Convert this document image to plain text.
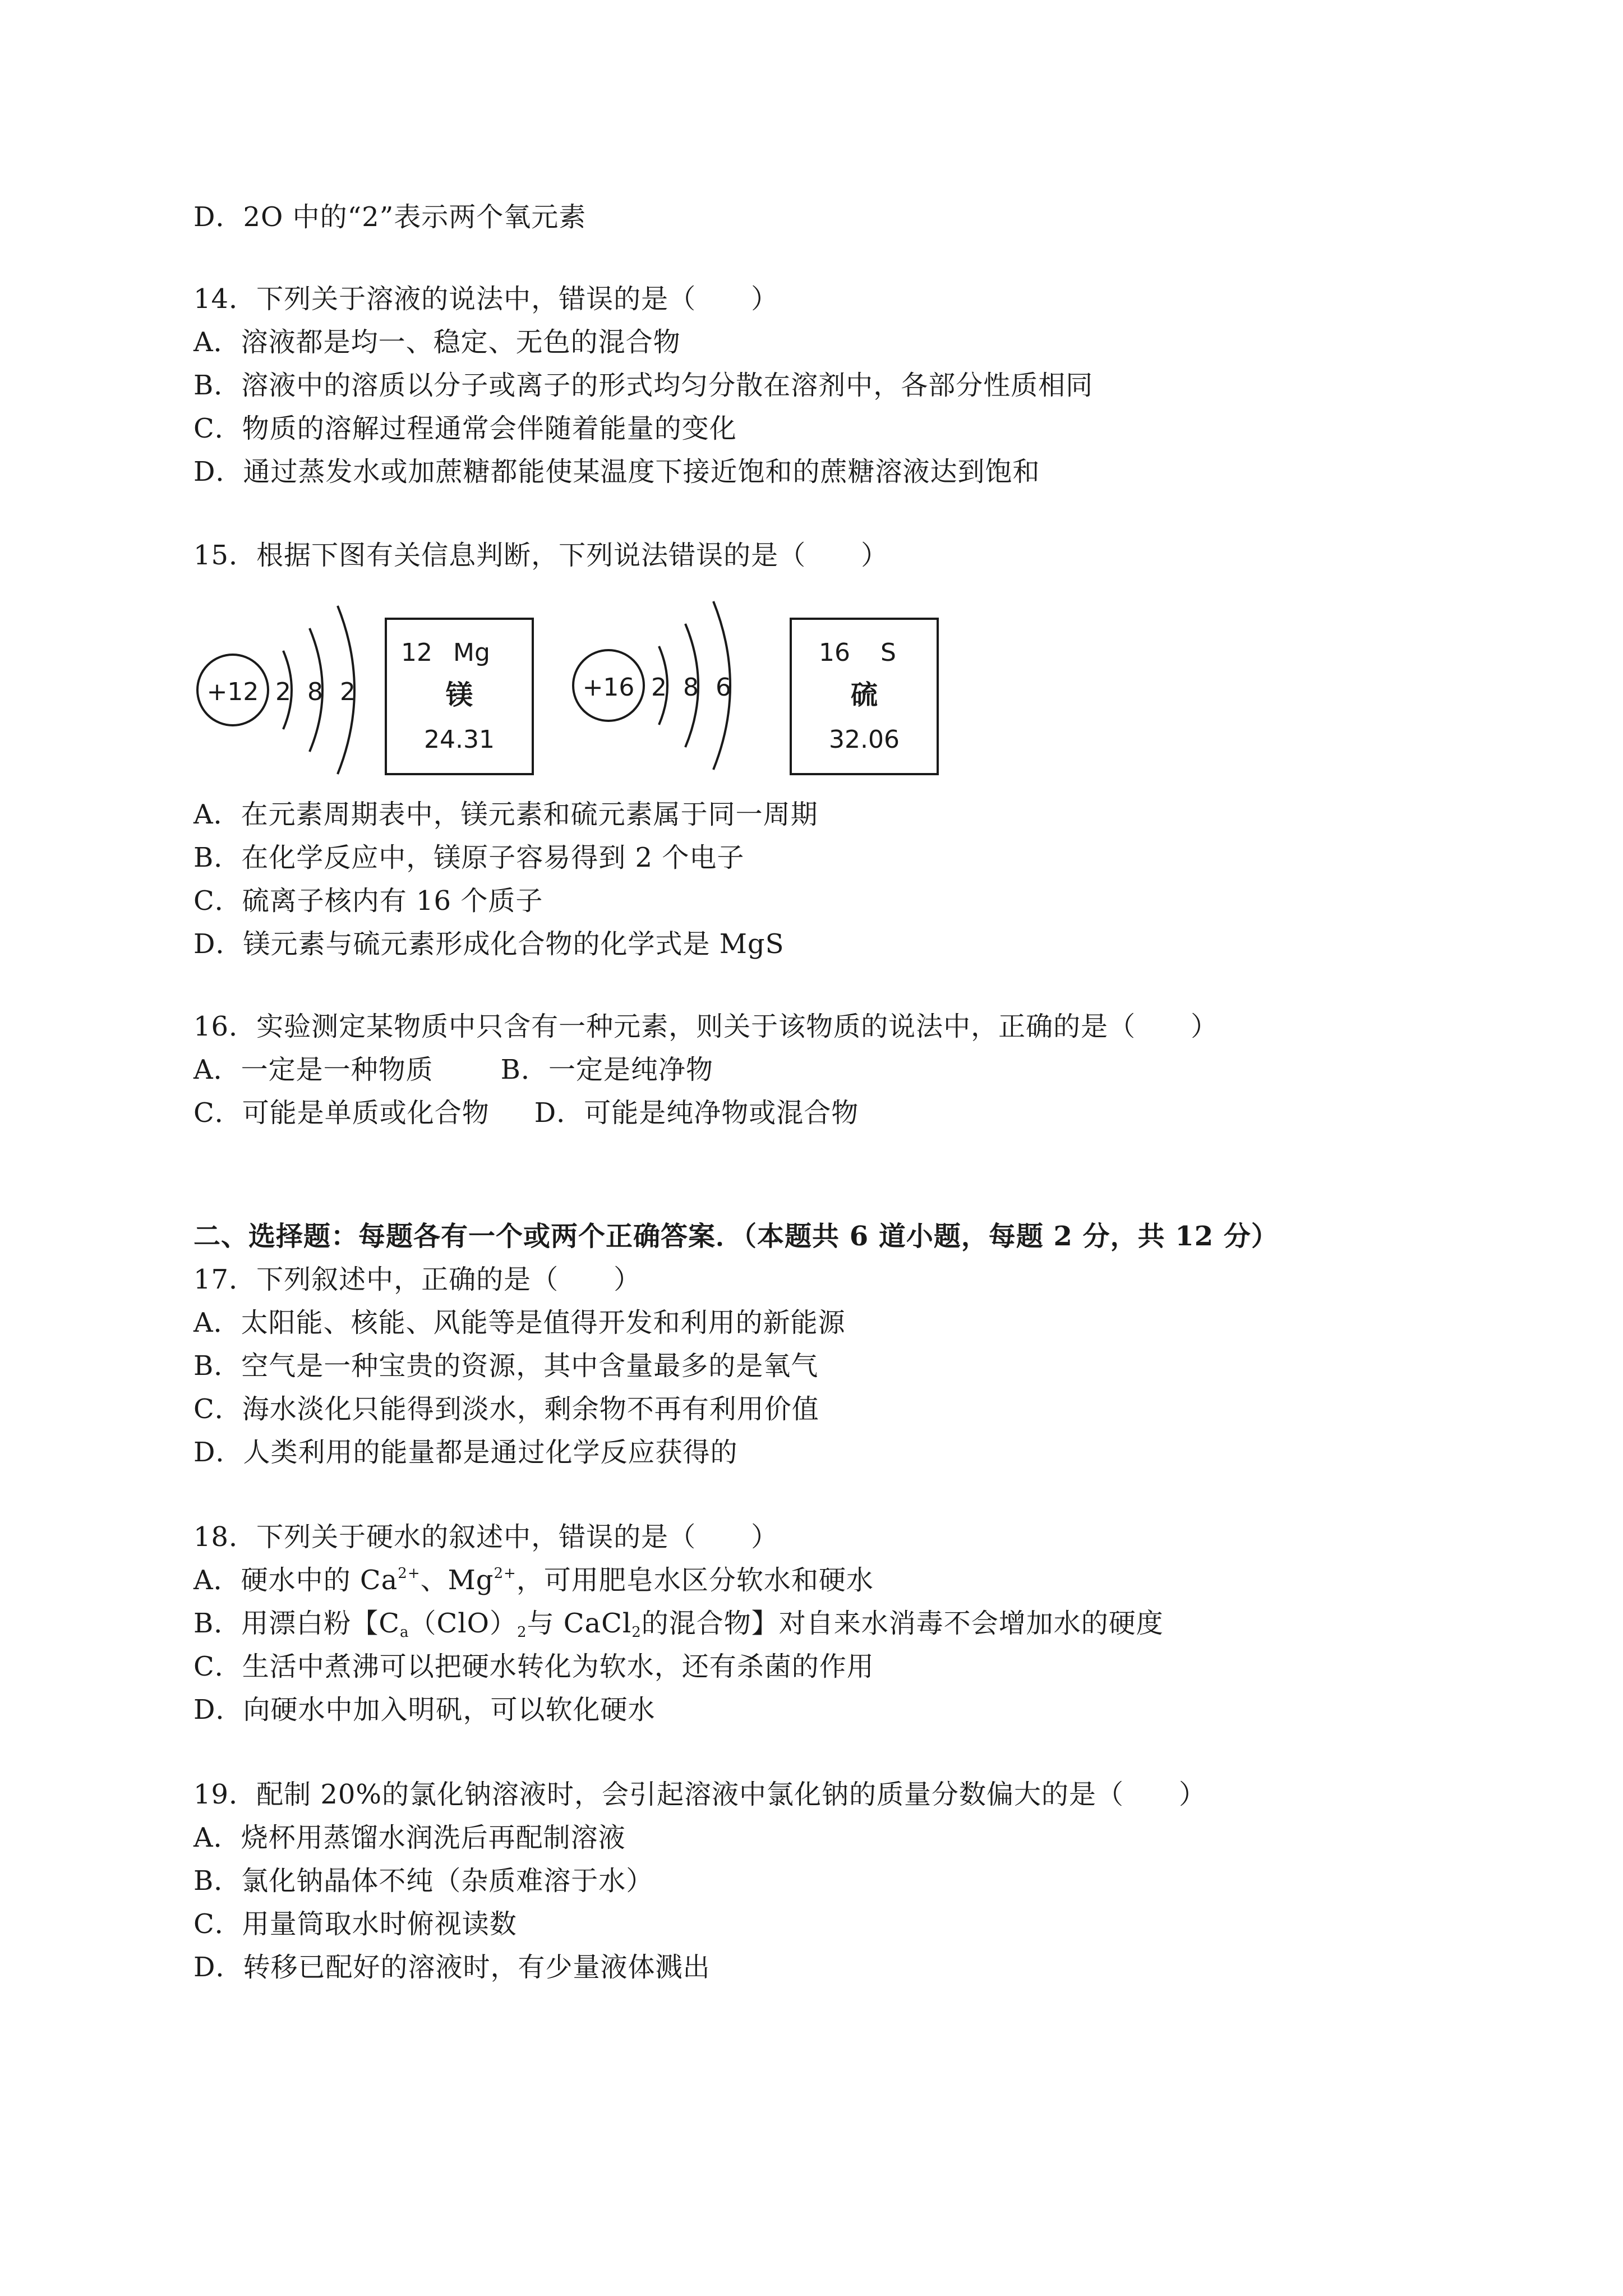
D．2O 中的“2”表示两个氧元素
14．下列关于溶液的说法中，错误的是（　　）
A．溶液都是均一、稳定、无色的混合物
B．溶液中的溶质以分子或离子的形式均匀分散在溶剂中，各部分性质相同
C．物质的溶解过程通常会伴随着能量的变化
D．通过蒸发水或加蔗糖都能使某温度下接近饱和的蔗糖溶液达到饱和
15．根据下图有关信息判断，下列说法错误的是（　　）
+12 2 8 2
12 Mg
镁
24.31
+16 2 8 6
16 S
硫
32.06
A．在元素周期表中，镁元素和硫元素属于同一周期
B．在化学反应中，镁原子容易得到 2 个电子
C．硫离子核内有 16 个质子
D．镁元素与硫元素形成化合物的化学式是 MgS
16．实验测定某物质中只含有一种元素，则关于该物质的说法中，正确的是（　　）
A．一定是一种物质	B．一定是纯净物
C．可能是单质或化合物 D．可能是纯净物或混合物
二、选择题：每题各有一个或两个正确答案．（本题共 6 道小题，每题 2 分，共 12 分）
17．下列叙述中，正确的是（　　）
A．太阳能、核能、风能等是值得开发和利用的新能源
B．空气是一种宝贵的资源，其中含量最多的是氧气
C．海水淡化只能得到淡水，剩余物不再有利用价值
D．人类利用的能量都是通过化学反应获得的
18．下列关于硬水的叙述中，错误的是（　　）
A．硬水中的 $Ca^{2+}$、$Mg^{2+}$，可用肥皂水区分软水和硬水
B．用漂白粉【$C_a(ClO)_2$与 CaCl$_2$的混合物】对自来水消毒不会增加水的硬度
C．生活中煮沸可以把硬水转化为软水，还有杀菌的作用
D．向硬水中加入明矾，可以软化硬水
19．配制 20%的氯化钠溶液时，会引起溶液中氯化钠的质量分数偏大的是（　　）
A．烧杯用蒸馏水润洗后再配制溶液
B．氯化钠晶体不纯（杂质难溶于水）
C．用量筒取水时俯视读数
D．转移已配好的溶液时，有少量液体溅出
